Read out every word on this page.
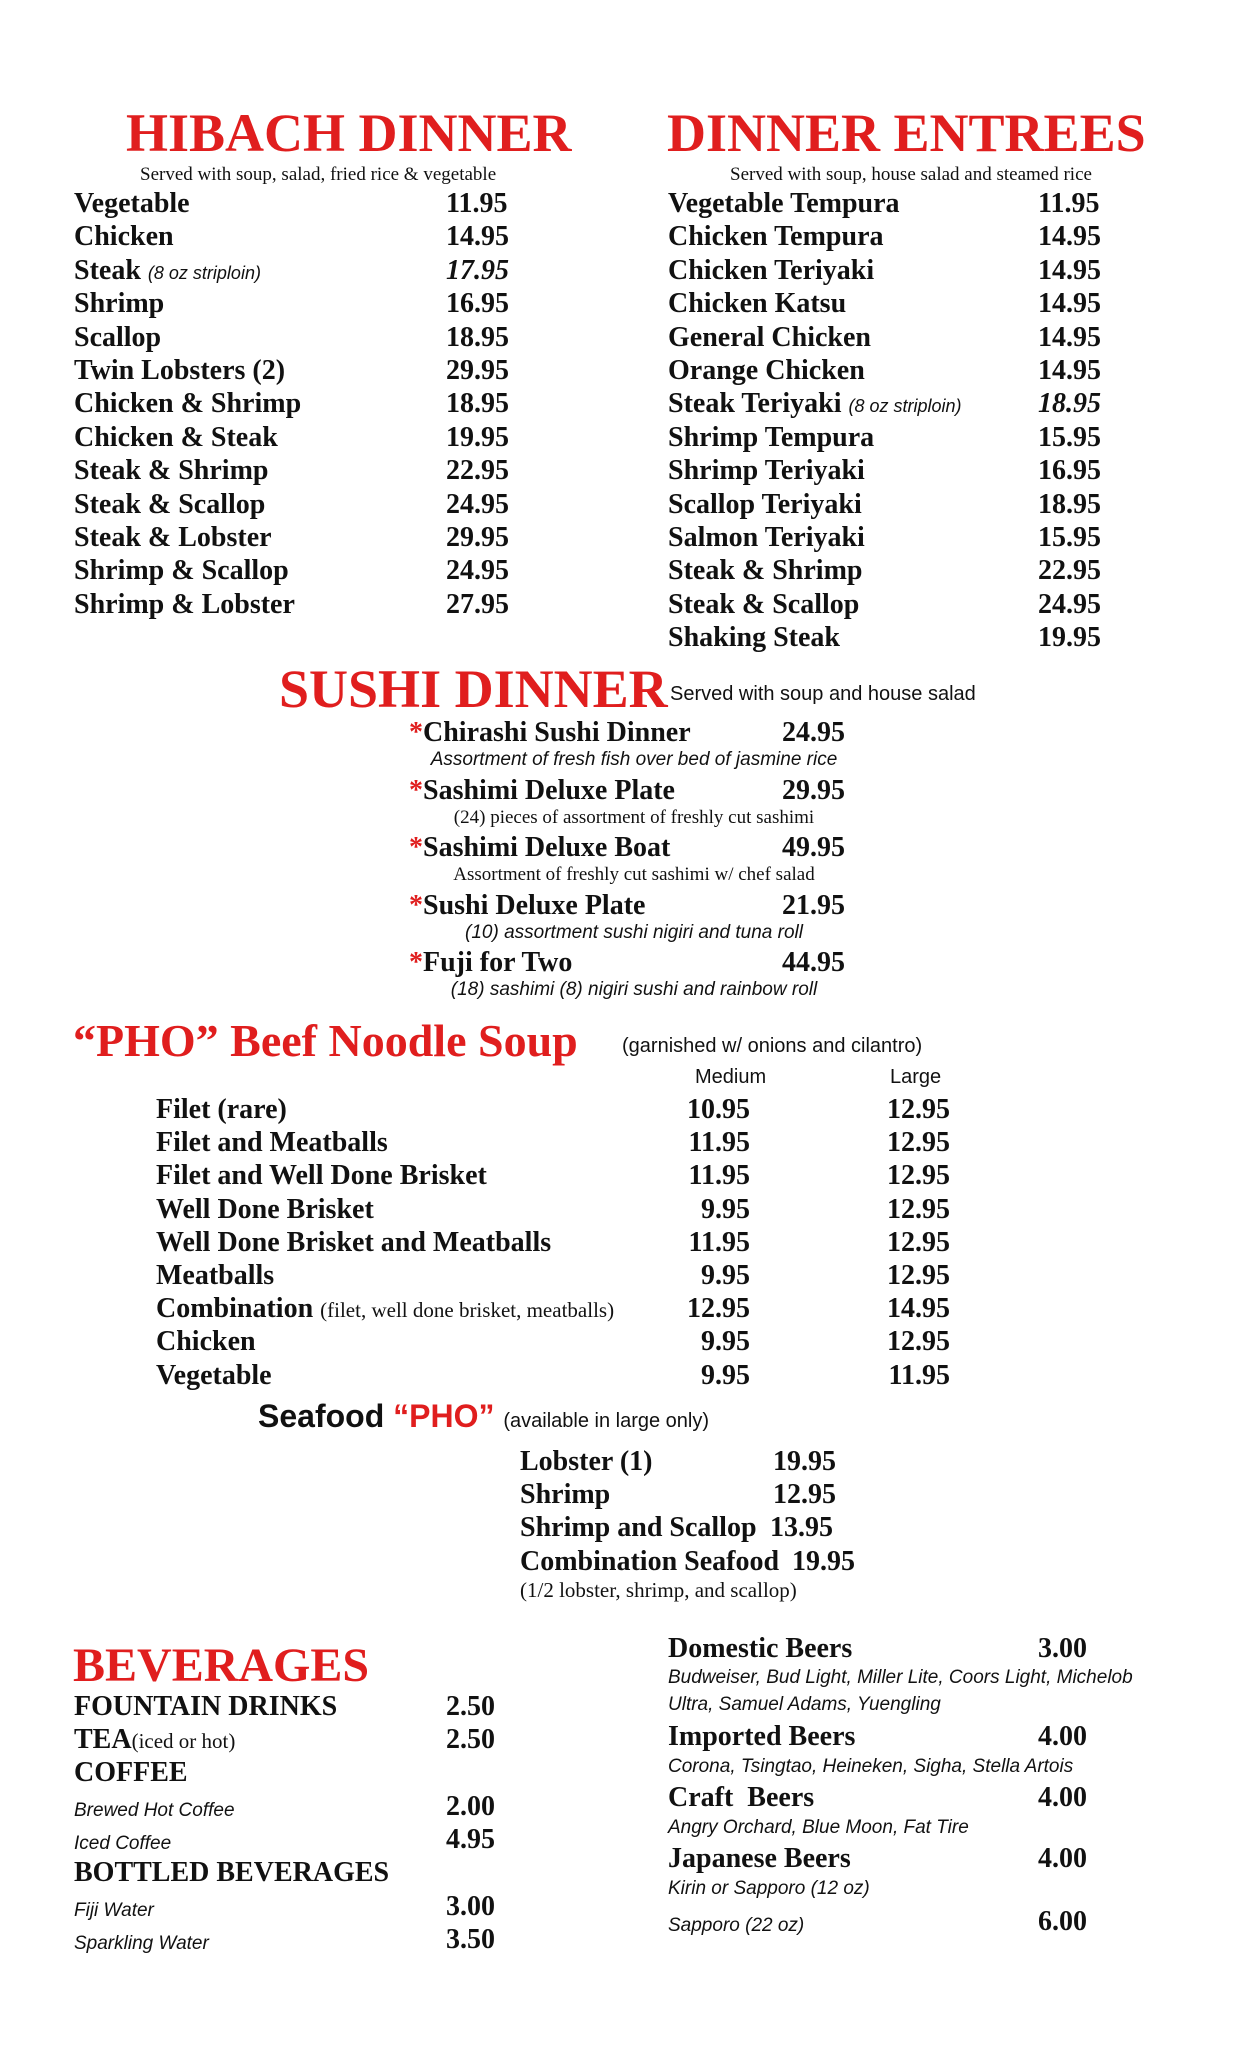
HIBACH DINNER
Served with soup, salad, fried rice & vegetable
Vegetable	11.95
Chicken	14.95
Steak (8 oz striploin)	17.95
Shrimp	16.95
Scallop	18.95
Twin Lobsters (2)	29.95
Chicken & Shrimp	18.95
Chicken & Steak	19.95
Steak & Shrimp	22.95
Steak & Scallop	24.95
Steak & Lobster	29.95
Shrimp & Scallop	24.95
Shrimp & Lobster	27.95
DINNER ENTREES
Served with soup, house salad and steamed rice
Vegetable Tempura	11.95
Chicken Tempura	14.95
Chicken Teriyaki	14.95
Chicken Katsu	14.95
General Chicken	14.95
Orange Chicken	14.95
Steak Teriyaki (8 oz striploin)	18.95
Shrimp Tempura	15.95
Shrimp Teriyaki	16.95
Scallop Teriyaki	18.95
Salmon Teriyaki	15.95
Steak & Shrimp	22.95
Steak & Scallop	24.95
Shaking Steak	19.95
SUSHI DINNER Served with soup and house salad
*Chirashi Sushi Dinner	24.95
Assortment of fresh fish over bed of jasmine rice
*Sashimi Deluxe Plate	29.95
(24) pieces of assortment of freshly cut sashimi
*Sashimi Deluxe Boat	49.95
Assortment of freshly cut sashimi w/ chef salad
*Sushi Deluxe Plate	21.95
(10) assortment sushi nigiri and tuna roll
*Fuji for Two	44.95
(18) sashimi (8) nigiri sushi and rainbow roll
“PHO” Beef Noodle Soup (garnished w/ onions and cilantro)
Medium	Large
Filet (rare)	10.95	12.95
Filet and Meatballs	11.95	12.95
Filet and Well Done Brisket	11.95	12.95
Well Done Brisket	9.95	12.95
Well Done Brisket and Meatballs	11.95	12.95
Meatballs	9.95	12.95
Combination (filet, well done brisket, meatballs)	12.95	14.95
Chicken	9.95	12.95
Vegetable	9.95	11.95
Seafood “PHO” (available in large only)
Lobster (1)	19.95
Shrimp	12.95
Shrimp and Scallop 13.95
Combination Seafood 19.95
(1/2 lobster, shrimp, and scallop)
BEVERAGES
FOUNTAIN DRINKS	2.50
TEA(iced or hot)	2.50
COFFEE
Brewed Hot Coffee	2.00
Iced Coffee	4.95
BOTTLED BEVERAGES
Fiji Water	3.00
Sparkling Water	3.50
Domestic Beers	3.00
Budweiser, Bud Light, Miller Lite, Coors Light, Michelob
Ultra, Samuel Adams, Yuengling
Imported Beers	4.00
Corona, Tsingtao, Heineken, Sigha, Stella Artois
Craft  Beers	4.00
Angry Orchard, Blue Moon, Fat Tire
Japanese Beers	4.00
Kirin or Sapporo (12 oz)
Sapporo (22 oz)	6.00
